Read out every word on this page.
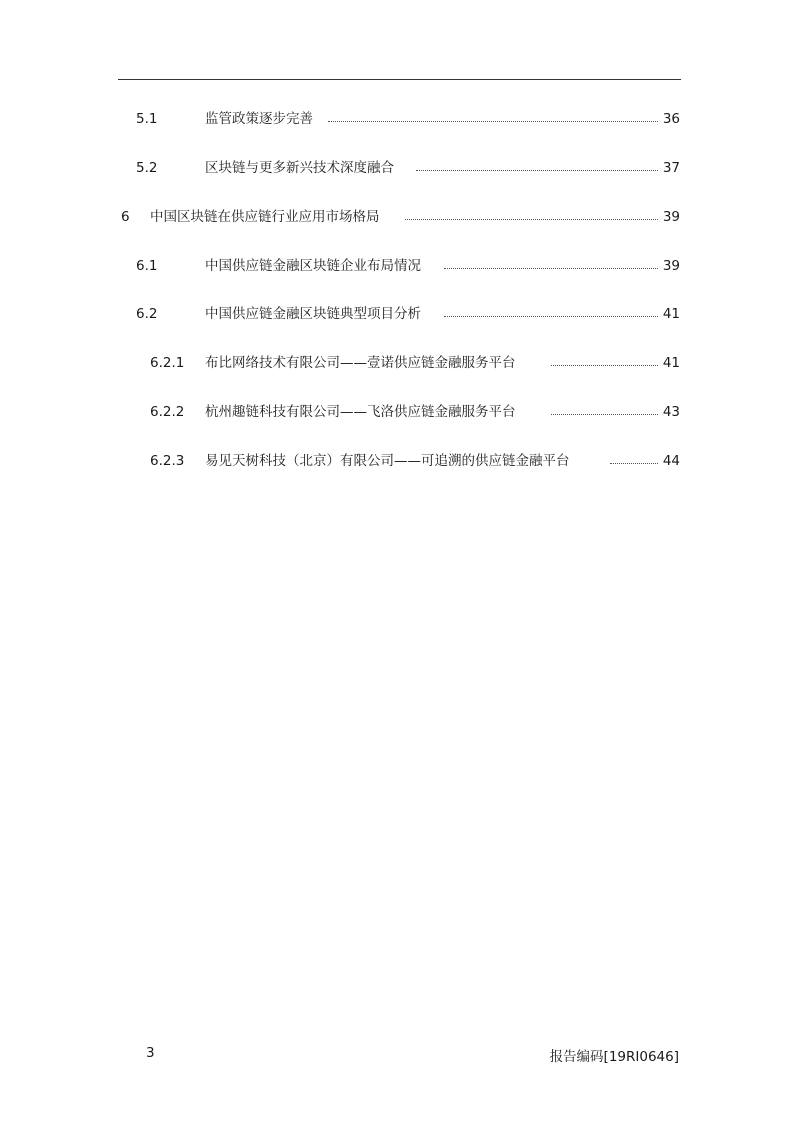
5.1	监管政策逐步完善	36
5.2	区块链与更多新兴技术深度融合	37
6 中国区块链在供应链行业应用市场格局	39
6.1	中国供应链金融区块链企业布局情况	39
6.2	中国供应链金融区块链典型项目分析	41
6.2.1 布比网络技术有限公司——壹诺供应链金融服务平台	41
6.2.2 杭州趣链科技有限公司——飞洛供应链金融服务平台	43
6.2.3 易见天树科技（北京）有限公司——可追溯的供应链金融平台	44
3	报告编码[19RI0646]
